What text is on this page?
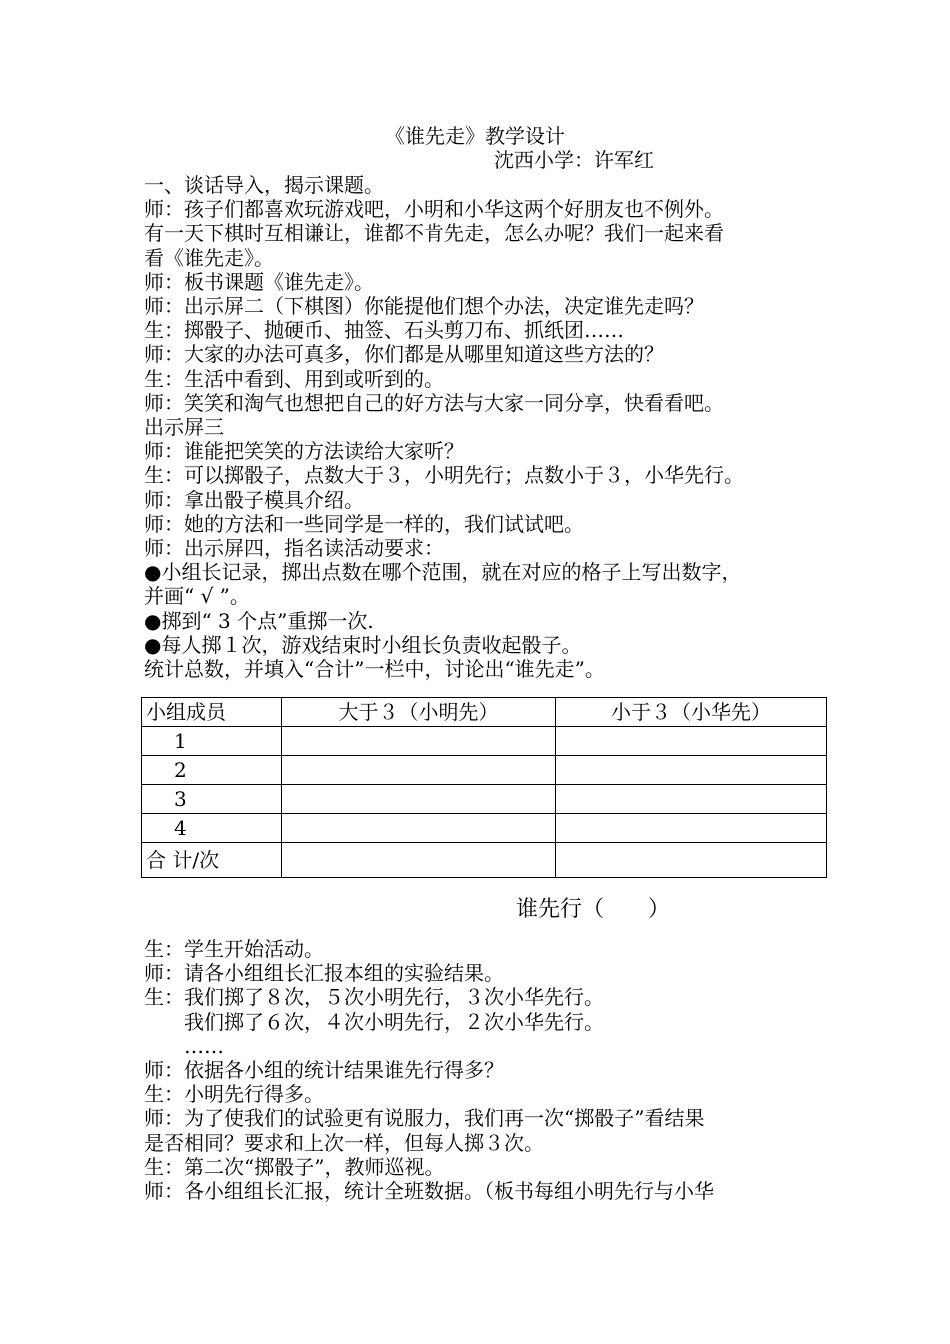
《谁先走》教学设计
沈西小学：许军红
一、谈话导入，揭示课题。
师：孩子们都喜欢玩游戏吧，小明和小华这两个好朋友也不例外。
有一天下棋时互相谦让，谁都不肯先走，怎么办呢？我们一起来看
看《谁先走》。
师：板书课题《谁先走》。
师：出示屏二（下棋图）你能提他们想个办法，决定谁先走吗？
生：掷骰子、抛硬币、抽签、石头剪刀布、抓纸团……
师：大家的办法可真多，你们都是从哪里知道这些方法的？
生：生活中看到、用到或听到的。
师：笑笑和淘气也想把自己的好方法与大家一同分享，快看看吧。
出示屏三
师：谁能把笑笑的方法读给大家听？
生：可以掷骰子，点数大于３，小明先行；点数小于３，小华先行。
师：拿出骰子模具介绍。
师：她的方法和一些同学是一样的，我们试试吧。
师：出示屏四，指名读活动要求：
●小组长记录，掷出点数在哪个范围，就在对应的格子上写出数字，
并画“ √ ”。
●掷到“ 3 个点”重掷一次.
●每人掷１次，游戏结束时小组长负责收起骰子。
统计总数，并填入“合计”一栏中，讨论出“谁先走”。
小组成员	大于３（小明先）	小于３（小华先）
1		
2		
3		
4		
合 计/次		
谁先行（　　）
生：学生开始活动。
师：请各小组组长汇报本组的实验结果。
生：我们掷了８次，５次小明先行，３次小华先行。
　　我们掷了６次，４次小明先行，２次小华先行。
　　……
师：依据各小组的统计结果谁先行得多？
生：小明先行得多。
师：为了使我们的试验更有说服力，我们再一次“掷骰子”看结果
是否相同？要求和上次一样，但每人掷３次。
生：第二次“掷骰子”，教师巡视。
师：各小组组长汇报，统计全班数据。（板书每组小明先行与小华
